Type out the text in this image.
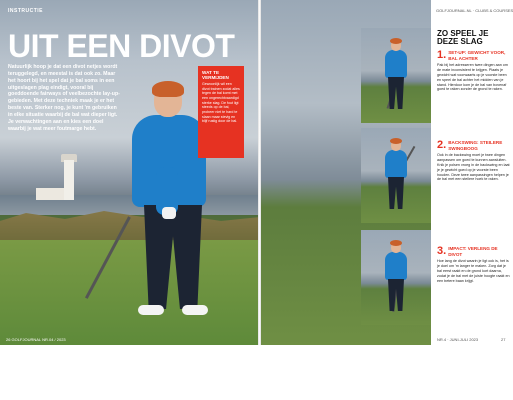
INSTRUCTIE
UIT EEN DIVOT
Natuurlijk hoop je dat een divot netjes wordt teruggelegd, en meestal is dat ook zo. Maar het hoort bij het spel dat je bal soms in een uitgeslagen plag eindigt, vooral bij goeddoende fairways of veelbezochte lay-up-gebieden. Met deze techniek maak je er het beste van. Sterker nog, je kunt 'm gebruiken in elke situatie waarbij de bal wat dieper ligt. Je verwachtingen aan en kies een doel waarbij je wat meer foutmarge hebt.
WAT TE VERMIJDEN
Gewoonlijk wil een divot trainen zodat alles tegen de bal komt met een ongerechtvaardigd sterke slag. De fout ligt steeds op de bal, probeer niet te hard te slaan maar stevig en blijf rustig door de bal.
26 GOLFJOURNAL NR.04 / 2023
GOLFJOURNAL.NL · CLUBS & COURSES
ZO SPEEL JE DEZE SLAG
1. SET-UP: GEWICHT VOOR, BAL ACHTER
Pak bij het adresseren twee dingen aan om de mate inconsistent te krijgen. Plaats je gewicht wat voorwaarts op je voorste been en speel de bal achter het midden van je stand. Hierdoor kom je de bal van bovenaf goed te raken zonder de grond te raken.
2. BACKSWING: STEILERE SWINGBOOG
Ook in de backswing moet je twee dingen aanpassen om goed te kunnen aansluiten. Knik je polsen vroeg in de backswing en laat je je gewicht goed op je voorste been houden. Deze twee aanpassingen helpen je de bal met een steilere hoek te raken.
3. IMPACT: VERLENG DE DIVOT
Hoe lang de divot waarin je ligt ook is, het is je doel om 'm langer te maken. Zorg dat je bal eerst raakt en de grond kort daarna, zodat je de bal met de juiste hoogte raakt en een betere baan krijgt.
NR.4 · JUNI-JULI 2023	27
